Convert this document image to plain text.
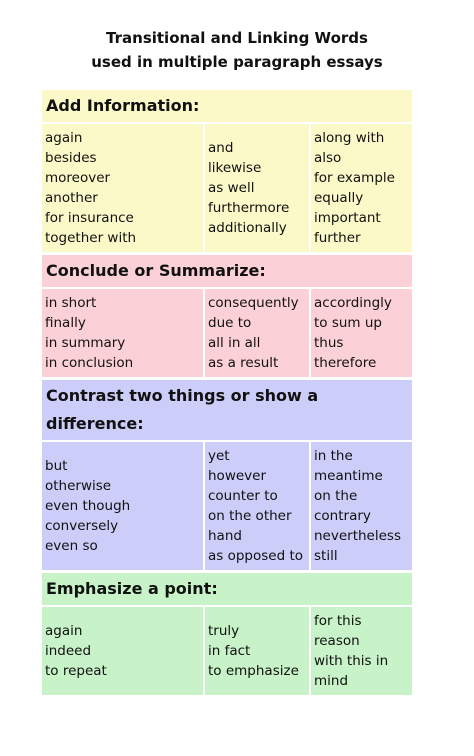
Transitional and Linking Words
used in multiple paragraph essays
Add Information:
again
besides
moreover
another
for insurance
together with
and
likewise
as well
furthermore
additionally
along with
also
for example
equally
important
further
Conclude or Summarize:
in short
finally
in summary
in conclusion
consequently
due to
all in all
as a result
accordingly
to sum up
thus
therefore
Contrast two things or show a difference:
but
otherwise
even though
conversely
even so
yet
however
counter to
on the other
hand
as opposed to
in the
meantime
on the
contrary
nevertheless
still
Emphasize a point:
again
indeed
to repeat
truly
in fact
to emphasize
for this
reason
with this in
mind
